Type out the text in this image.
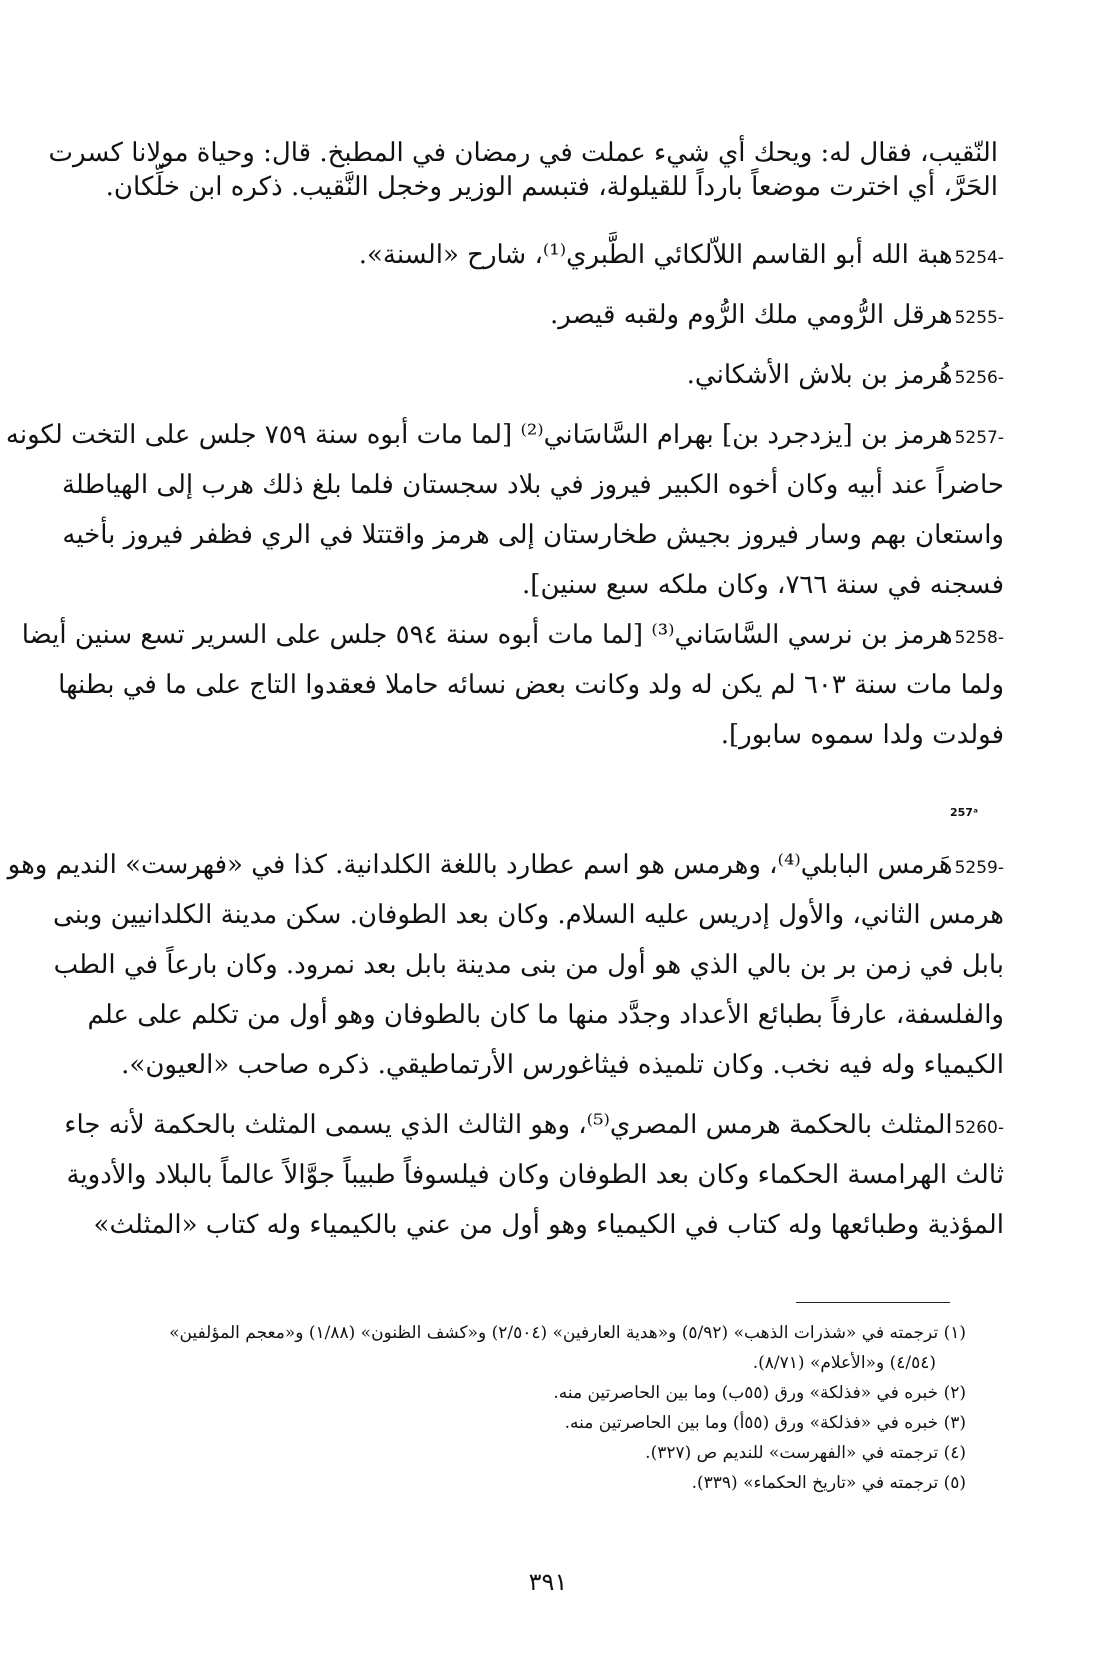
النّقيب، فقال له: ويحك أي شيء عملت في رمضان في المطبخ. قال: وحياة مولانا كسرت
الحَرَّ، أي اخترت موضعاً بارداً للقيلولة، فتبسم الوزير وخجل النَّقيب. ذكره ابن خلِّكان.
5254-
هبة الله أبو القاسم اللاّلكائي الطَّبري⁽¹⁾، شارح «السنة».
5255-
هرقل الرُّومي ملك الرُّوم ولقبه قيصر.
5256-
هُرمز بن بلاش الأشكاني.
5257-
هرمز بن [يزدجرد بن] بهرام السَّاسَاني⁽²⁾ [لما مات أبوه سنة ٧٥٩ جلس على التخت لكونه
حاضراً عند أبيه وكان أخوه الكبير فيروز في بلاد سجستان فلما بلغ ذلك هرب إلى الهياطلة
واستعان بهم وسار فيروز بجيش طخارستان إلى هرمز واقتتلا في الري فظفر فيروز بأخيه
فسجنه في سنة ٧٦٦، وكان ملكه سبع سنين].
5258-
هرمز بن نرسي السَّاسَاني⁽³⁾ [لما مات أبوه سنة ٥٩٤ جلس على السرير تسع سنين أيضا
ولما مات سنة ٦٠٣ لم يكن له ولد وكانت بعض نسائه حاملا فعقدوا التاج على ما في بطنها
فولدت ولدا سموه سابور].
257ᵃ
5259-
هَرمس البابلي⁽⁴⁾، وهرمس هو اسم عطارد باللغة الكلدانية. كذا في «فهرست» النديم وهو
هرمس الثاني، والأول إدريس عليه السلام. وكان بعد الطوفان. سكن مدينة الكلدانيين وبنى
بابل في زمن بر بن بالي الذي هو أول من بنى مدينة بابل بعد نمرود. وكان بارعاً في الطب
والفلسفة، عارفاً بطبائع الأعداد وجدَّد منها ما كان بالطوفان وهو أول من تكلم على علم
الكيمياء وله فيه نخب. وكان تلميذه فيثاغورس الأرتماطيقي. ذكره صاحب «العيون».
5260-
المثلث بالحكمة هرمس المصري⁽⁵⁾، وهو الثالث الذي يسمى المثلث بالحكمة لأنه جاء
ثالث الهرامسة الحكماء وكان بعد الطوفان وكان فيلسوفاً طبيباً جوَّالاً عالماً بالبلاد والأدوية
المؤذية وطبائعها وله كتاب في الكيمياء وهو أول من عني بالكيمياء وله كتاب «المثلث»
(١) ترجمته في «شذرات الذهب» (٥/٩٢) و«هدية العارفين» (٢/٥٠٤) و«كشف الظنون» (١/٨٨) و«معجم المؤلفين»
(٤/٥٤) و«الأعلام» (٨/٧١).
(٢) خبره في «فذلكة» ورق (٥٥ب) وما بين الحاصرتين منه.
(٣) خبره في «فذلكة» ورق (٥٥أ) وما بين الحاصرتين منه.
(٤) ترجمته في «الفهرست» للنديم ص (٣٢٧).
(٥) ترجمته في «تاريخ الحكماء» (٣٣٩).
٣٩١
